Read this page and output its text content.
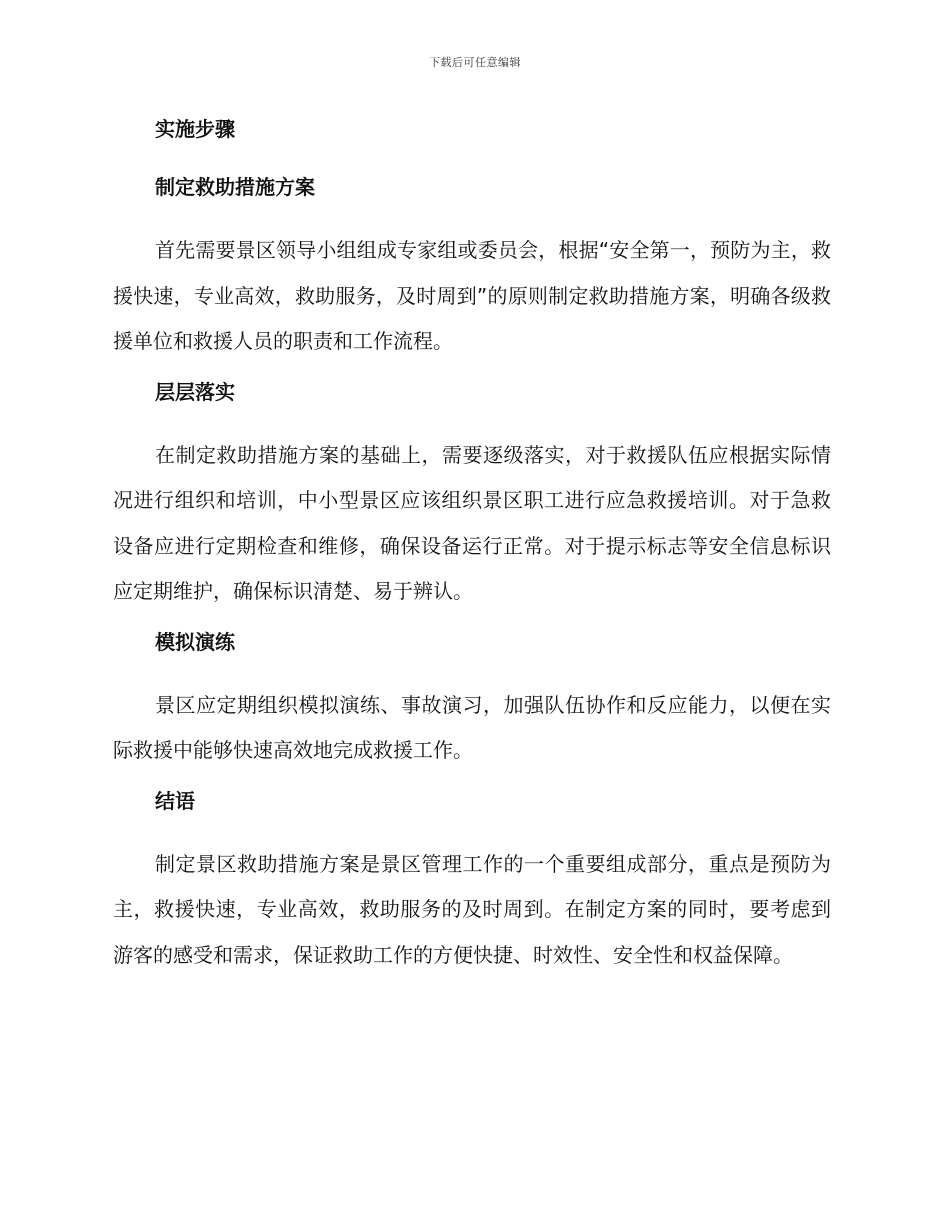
下载后可任意编辑
实施步骤
制定救助措施方案
首先需要景区领导小组组成专家组或委员会，根据“安全第一，预防为主，救援快速，专业高效，救助服务，及时周到”的原则制定救助措施方案，明确各级救援单位和救援人员的职责和工作流程。
层层落实
在制定救助措施方案的基础上，需要逐级落实，对于救援队伍应根据实际情况进行组织和培训，中小型景区应该组织景区职工进行应急救援培训。对于急救设备应进行定期检查和维修，确保设备运行正常。对于提示标志等安全信息标识应定期维护，确保标识清楚、易于辨认。
模拟演练
景区应定期组织模拟演练、事故演习，加强队伍协作和反应能力，以便在实际救援中能够快速高效地完成救援工作。
结语
制定景区救助措施方案是景区管理工作的一个重要组成部分，重点是预防为主，救援快速，专业高效，救助服务的及时周到。在制定方案的同时，要考虑到游客的感受和需求，保证救助工作的方便快捷、时效性、安全性和权益保障。
